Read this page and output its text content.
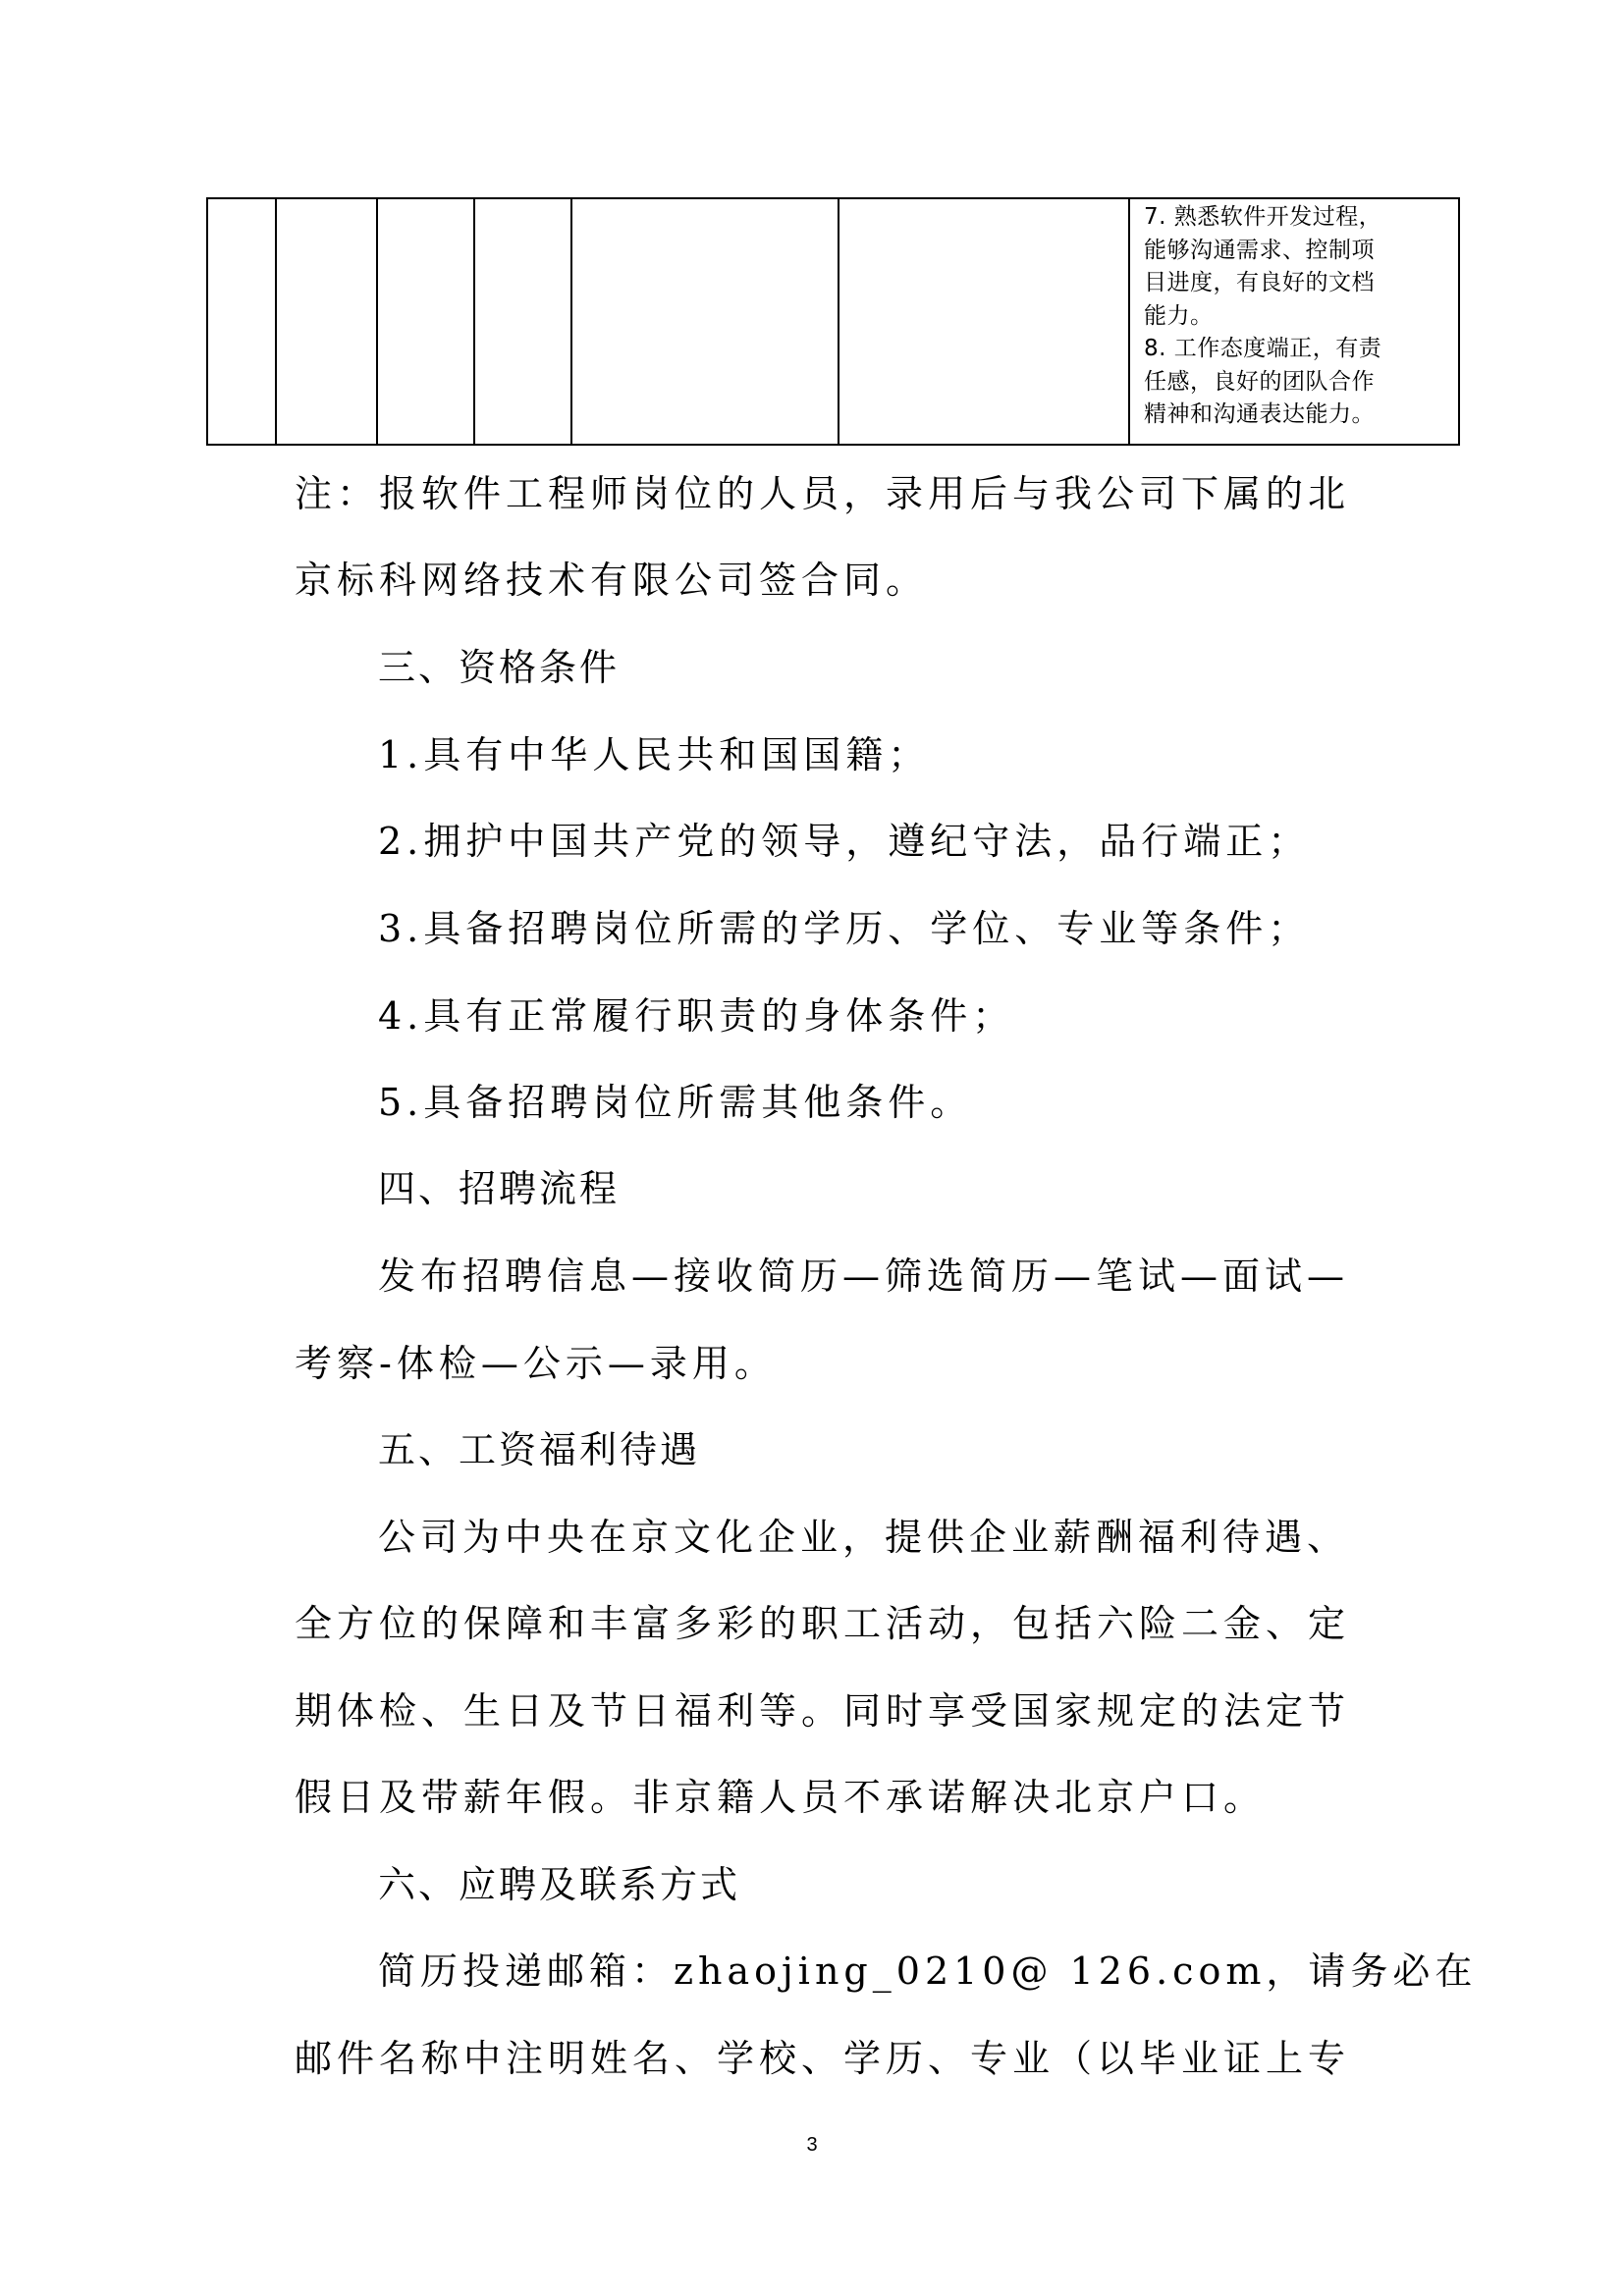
7. 熟悉软件开发过程，
能够沟通需求、控制项
目进度，有良好的文档
能力。
8. 工作态度端正，有责
任感，良好的团队合作
精神和沟通表达能力。

注：报软件工程师岗位的人员，录用后与我公司下属的北

京标科网络技术有限公司签合同。

三、资格条件

1.具有中华人民共和国国籍；

2.拥护中国共产党的领导，遵纪守法，品行端正；

3.具备招聘岗位所需的学历、学位、专业等条件；

4.具有正常履行职责的身体条件；

5.具备招聘岗位所需其他条件。

四、招聘流程

发布招聘信息—接收简历—筛选简历—笔试—面试—

考察-体检—公示—录用。

五、工资福利待遇

公司为中央在京文化企业，提供企业薪酬福利待遇、

全方位的保障和丰富多彩的职工活动，包括六险二金、定

期体检、生日及节日福利等。同时享受国家规定的法定节

假日及带薪年假。非京籍人员不承诺解决北京户口。

六、应聘及联系方式

简历投递邮箱：zhaojing_0210@ 126.com，请务必在

邮件名称中注明姓名、学校、学历、专业（以毕业证上专

3
